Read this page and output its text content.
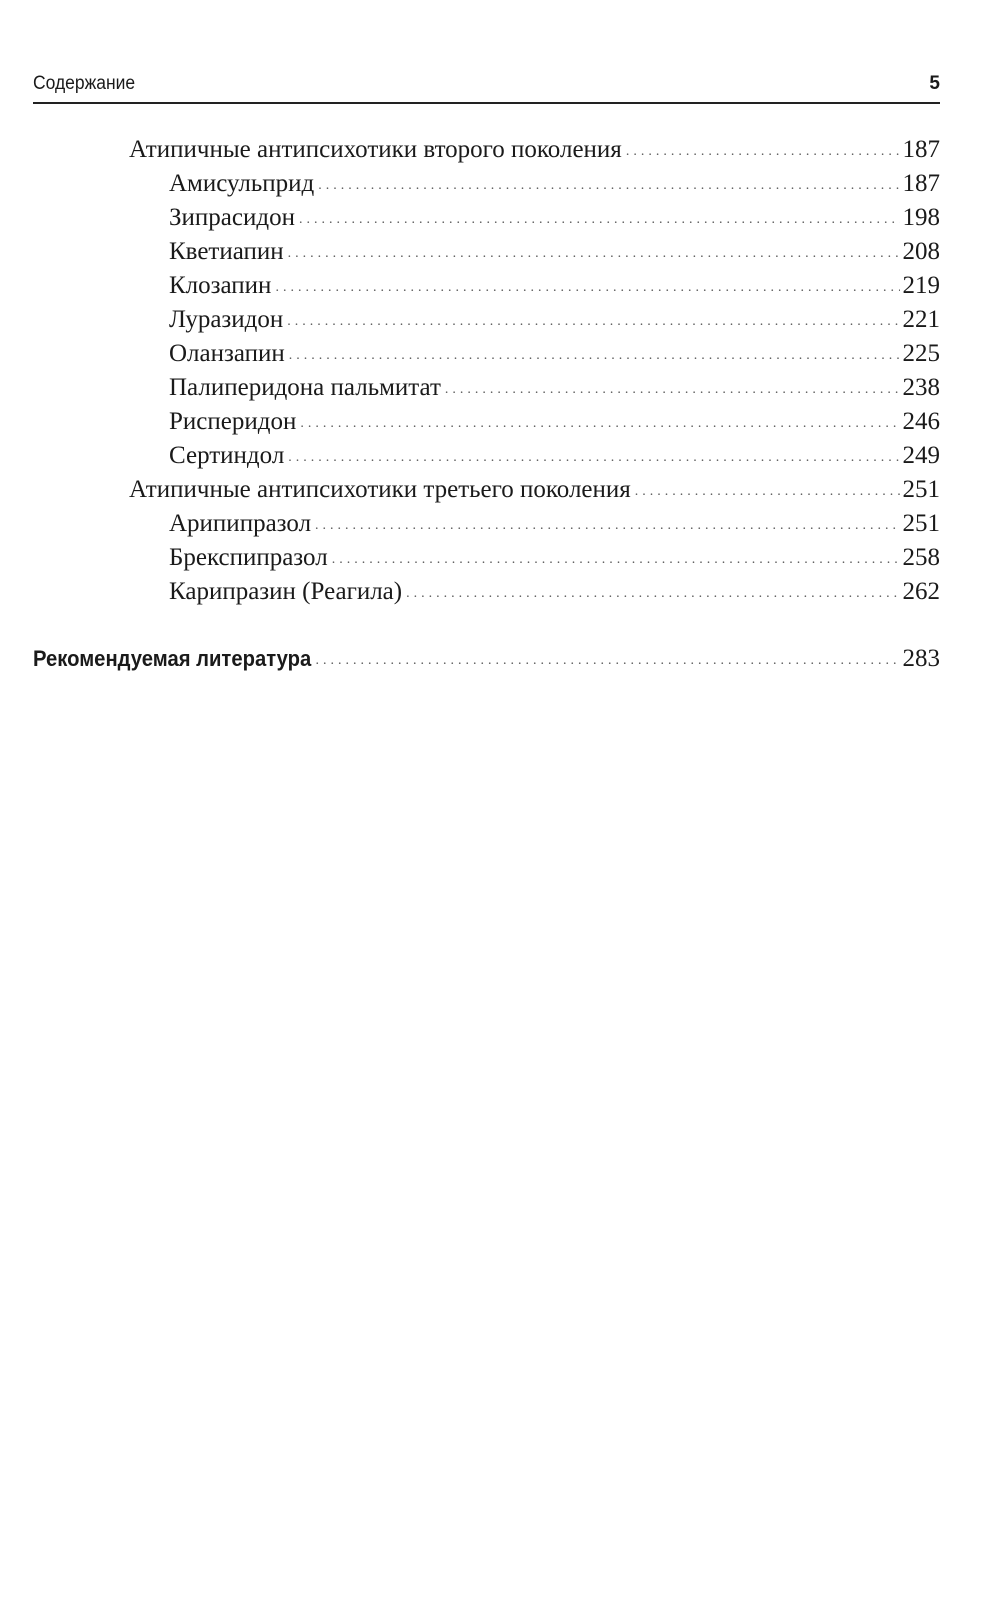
Содержание	5
Атипичные антипсихотики второго поколения .....	187
Амисульприд .....	187
Зипрасидон .....	198
Кветиапин .....	208
Клозапин .....	219
Луразидон .....	221
Оланзапин .....	225
Палиперидона пальмитат .....	238
Рисперидон .....	246
Сертиндол .....	249
Атипичные антипсихотики третьего поколения .....	251
Арипипразол .....	251
Брекспипразол .....	258
Карипразин (Реагила) .....	262
Рекомендуемая литература .....	283
